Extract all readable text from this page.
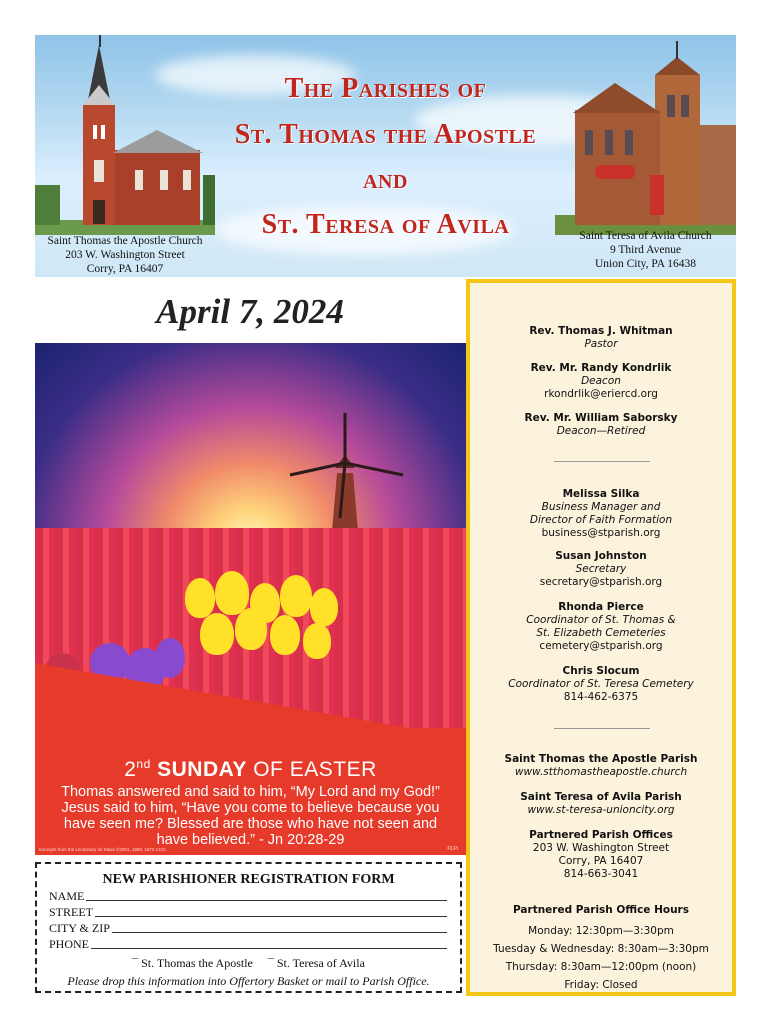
The Parishes of
St. Thomas the Apostle
and
St. Teresa of Avila
Saint Thomas the Apostle Church
203 W. Washington Street
Corry, PA 16407
Saint Teresa of Avila Church
9 Third Avenue
Union City, PA 16438
April 7, 2024
2nd SUNDAY OF EASTER
Thomas answered and said to him, “My Lord and my God!” Jesus said to him, “Have you come to believe because you have seen me? Blessed are those who have not seen and have believed.” - Jn 20:28-29
Excerpts from the Lectionary for Mass ©2001, 1998, 1970 CCD.	©LPi
NEW PARISHIONER REGISTRATION FORM
NAME
STREET
CITY & ZIP
PHONE
¯ St. Thomas the Apostle ¯ St. Teresa of Avila
Please drop this information into Offertory Basket or mail to Parish Office.
Rev. Thomas J. Whitman
Pastor
Rev. Mr. Randy Kondrlik
Deacon
rkondrlik@eriercd.org
Rev. Mr. William Saborsky
Deacon—Retired
Melissa Silka
Business Manager and
Director of Faith Formation
business@stparish.org
Susan Johnston
Secretary
secretary@stparish.org
Rhonda Pierce
Coordinator of St. Thomas &
St. Elizabeth Cemeteries
cemetery@stparish.org
Chris Slocum
Coordinator of St. Teresa Cemetery
814-462-6375
Saint Thomas the Apostle Parish
www.stthomastheapostle.church
Saint Teresa of Avila Parish
www.st-teresa-unioncity.org
Partnered Parish Offices
203 W. Washington Street
Corry, PA 16407
814-663-3041
Partnered Parish Office Hours
Monday: 12:30pm—3:30pm
Tuesday & Wednesday: 8:30am—3:30pm
Thursday: 8:30am—12:00pm (noon)
Friday: Closed
